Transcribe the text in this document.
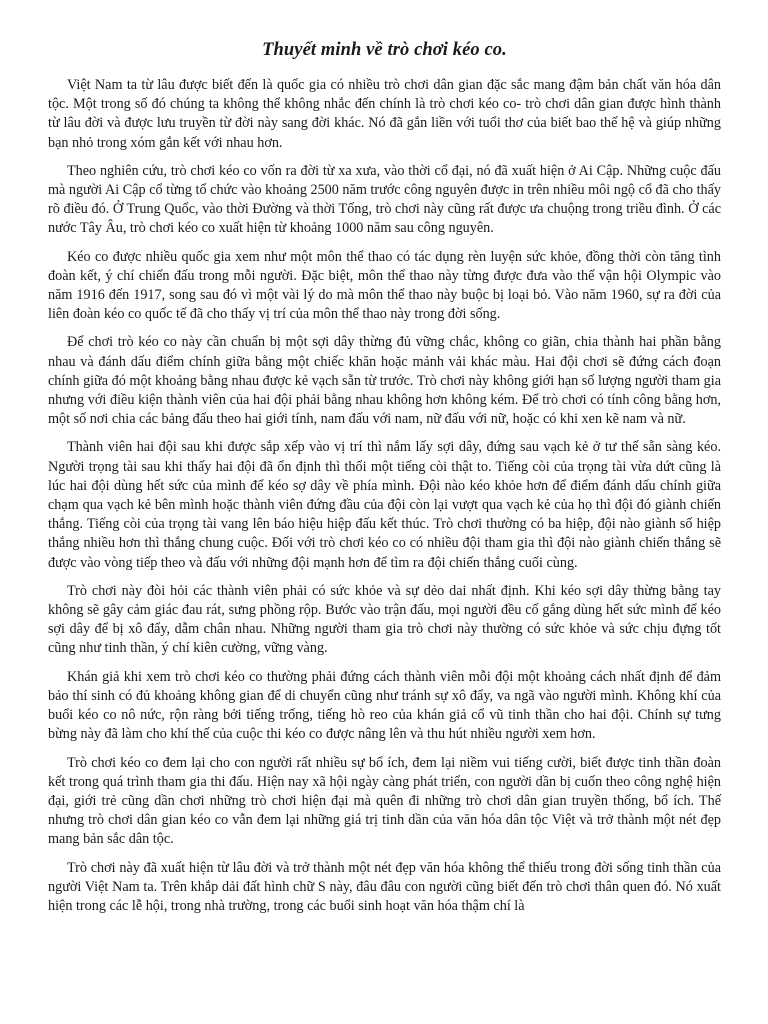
Thuyết minh về trò chơi kéo co.

Việt Nam ta từ lâu được biết đến là quốc gia có nhiều trò chơi dân gian đặc sắc mang đậm bản chất văn hóa dân tộc. Một trong số đó chúng ta không thể không nhắc đến chính là trò chơi kéo co- trò chơi dân gian được hình thành từ lâu đời và được lưu truyền từ đời này sang đời khác. Nó đã gắn liền với tuổi thơ của biết bao thế hệ và giúp những bạn nhỏ trong xóm gắn kết với nhau hơn.

Theo nghiên cứu, trò chơi kéo co vốn ra đời từ xa xưa, vào thời cổ đại, nó đã xuất hiện ở Ai Cập. Những cuộc đấu mà người Ai Cập cổ từng tổ chức vào khoảng 2500 năm trước công nguyên được in trên nhiều môi ngộ cổ đã cho thấy rõ điều đó. Ở Trung Quốc, vào thời Đường và thời Tống, trò chơi này cũng rất được ưa chuộng trong triều đình. Ở các nước Tây Âu, trò chơi kéo co xuất hiện từ khoảng 1000 năm sau công nguyên.

Kéo co được nhiều quốc gia xem như một môn thể thao có tác dụng rèn luyện sức khỏe, đồng thời còn tăng tình đoàn kết, ý chí chiến đấu trong mỗi người. Đặc biệt, môn thể thao này từng được đưa vào thế vận hội Olympic vào năm 1916 đến 1917, song sau đó vì một vài lý do mà môn thể thao này buộc bị loại bỏ. Vào năm 1960, sự ra đời của liên đoàn kéo co quốc tế đã cho thấy vị trí của môn thể thao này trong đời sống.

Để chơi trò kéo co này cần chuẩn bị một sợi dây thừng đủ vững chắc, không co giãn, chia thành hai phần bằng nhau và đánh dấu điểm chính giữa bằng một chiếc khăn hoặc mảnh vải khác màu. Hai đội chơi sẽ đứng cách đoạn chính giữa đó một khoảng bằng nhau được kẻ vạch sẵn từ trước. Trò chơi này không giới hạn số lượng người tham gia nhưng với điều kiện thành viên của hai đội phải bằng nhau không hơn không kém. Để trò chơi có tính công bằng hơn, một số nơi chia các bảng đấu theo hai giới tính, nam đấu với nam, nữ đấu với nữ, hoặc có khi xen kẽ nam và nữ.

Thành viên hai đội sau khi được sắp xếp vào vị trí thì nắm lấy sợi dây, đứng sau vạch kẻ ở tư thế sẵn sàng kéo. Người trọng tài sau khi thấy hai đội đã ổn định thì thổi một tiếng còi thật to. Tiếng còi của trọng tài vừa dứt cũng là lúc hai đội dùng hết sức của mình để kéo sợ dây về phía mình. Đội nào kéo khỏe hơn để điểm đánh dấu chính giữa chạm qua vạch kẻ bên mình hoặc thành viên đứng đầu của đội còn lại vượt qua vạch kẻ của họ thì đội đó giành chiến thắng. Tiếng còi của trọng tài vang lên báo hiệu hiệp đấu kết thúc. Trò chơi thường có ba hiệp, đội nào giành số hiệp thắng nhiều hơn thì thắng chung cuộc. Đối với trò chơi kéo co có nhiều đội tham gia thì đội nào giành chiến thắng sẽ được vào vòng tiếp theo và đấu với những đội mạnh hơn để tìm ra đội chiến thắng cuối cùng.

Trò chơi này đòi hỏi các thành viên phải có sức khỏe và sự dẻo dai nhất định. Khi kéo sợi dây thừng bằng tay không sẽ gây cảm giác đau rát, sưng phồng rộp. Bước vào trận đấu, mọi người đều cố gắng dùng hết sức mình để kéo sợi dây để bị xô đẩy, dẫm chân nhau. Những người tham gia trò chơi này thường có sức khỏe và sức chịu đựng tốt cũng như tinh thần, ý chí kiên cường, vững vàng.

Khán giả khi xem trò chơi kéo co thường phải đứng cách thành viên mỗi đội một khoảng cách nhất định để đảm bảo thí sinh có đủ khoảng không gian để di chuyển cũng như tránh sự xô đẩy, va ngã vào người mình. Không khí của buổi kéo co nô nức, rộn ràng bởi tiếng trống, tiếng hò reo của khán giả cổ vũ tinh thần cho hai đội. Chính sự tưng bừng này đã làm cho khí thế của cuộc thi kéo co được nâng lên và thu hút nhiều người xem hơn.

Trò chơi kéo co đem lại cho con người rất nhiều sự bổ ích, đem lại niềm vui tiếng cười, biết được tinh thần đoàn kết trong quá trình tham gia thi đấu. Hiện nay xã hội ngày càng phát triển, con người dần bị cuốn theo công nghệ hiện đại, giới trẻ cũng dần chơi những trò chơi hiện đại mà quên đi những trò chơi dân gian truyền thống, bổ ích. Thế nhưng trò chơi dân gian kéo co vẫn đem lại những giá trị tinh dần của văn hóa dân tộc Việt và trở thành một nét đẹp mang bản sắc dân tộc.

Trò chơi này đã xuất hiện từ lâu đời và trở thành một nét đẹp văn hóa không thể thiếu trong đời sống tinh thần của người Việt Nam ta. Trên khắp dải đất hình chữ S này, đâu đâu con người cũng biết đến trò chơi thân quen đó. Nó xuất hiện trong các lễ hội, trong nhà trường, trong các buổi sinh hoạt văn hóa thậm chí là
